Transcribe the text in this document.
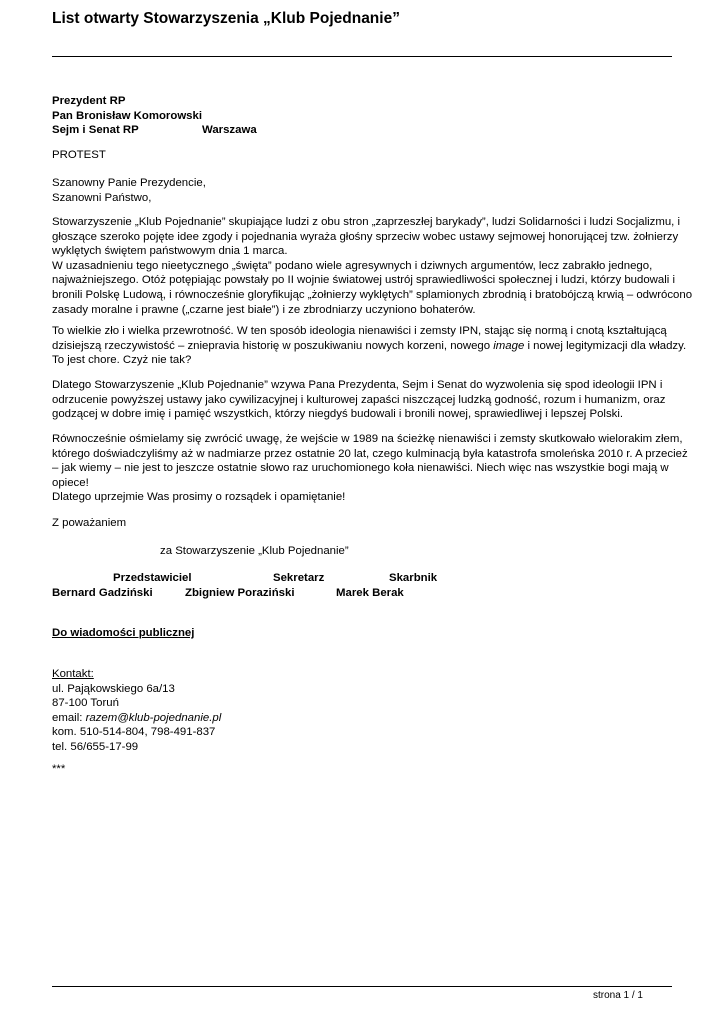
List otwarty Stowarzyszenia „Klub Pojednanie”
Prezydent RP
Pan Bronisław Komorowski
Sejm i Senat RP	Warszawa
PROTEST
Szanowny Panie Prezydencie,
Szanowni Państwo,
Stowarzyszenie „Klub Pojednanie” skupiające ludzi z obu stron „zaprzeszłej barykady”, ludzi Solidarności i ludzi Socjalizmu, i
głoszące szeroko pojęte idee zgody i pojednania wyraża głośny sprzeciw wobec ustawy sejmowej honorującej tzw. żołnierzy
wyklętych świętem państwowym dnia 1 marca.
W uzasadnieniu tego nieetycznego „święta” podano wiele agresywnych i dziwnych argumentów, lecz zabrakło jednego,
najważniejszego. Otóż potępiając powstały po II wojnie światowej ustrój sprawiedliwości społecznej i ludzi, którzy budowali i
bronili Polskę Ludową, i równocześnie gloryfikując „żołnierzy wyklętych” splamionych zbrodnią i bratobójczą krwią – odwrócono
zasady moralne i prawne („czarne jest białe”) i ze zbrodniarzy uczyniono bohaterów.
To wielkie zło i wielka przewrotność. W ten sposób ideologia nienawiści i zemsty IPN, stając się normą i cnotą kształtującą
dzisiejszą rzeczywistość – zniepravia historię w poszukiwaniu nowych korzeni, nowego image i nowej legitymizacji dla władzy.
To jest chore. Czyż nie tak?
Dlatego Stowarzyszenie „Klub Pojednanie” wzywa Pana Prezydenta, Sejm i Senat do wyzwolenia się spod ideologii IPN i
odrzucenie powyższej ustawy jako cywilizacyjnej i kulturowej zapaści niszczącej ludzką godność, rozum i humanizm, oraz
godzącej w dobre imię i pamięć wszystkich, którzy niegdyś budowali i bronili nowej, sprawiedliwej i lepszej Polski.
Równocześnie ośmielamy się zwrócić uwagę, że wejście w 1989 na ścieżkę nienawiści i zemsty skutkowało wielorakim złem,
którego doświadczyliśmy aż w nadmiarze przez ostatnie 20 lat, czego kulminacją była katastrofa smoleńska 2010 r. A przecież
– jak wiemy – nie jest to jeszcze ostatnie słowo raz uruchomionego koła nienawiści. Niech więc nas wszystkie bogi mają w
opiece!
Dlatego uprzejmie Was prosimy o rozsądek i opamiętanie!
Z poważaniem
za Stowarzyszenie „Klub Pojednanie”
Przedstawiciel	Sekretarz	Skarbnik
Bernard Gadziński	Zbigniew Poraziński	Marek Berak
Do wiadomości publicznej
Kontakt:
ul. Pająkowskiego 6a/13
87-100 Toruń
email: razem@klub-pojednanie.pl
kom. 510-514-804, 798-491-837
tel. 56/655-17-99
***
strona 1 / 1
